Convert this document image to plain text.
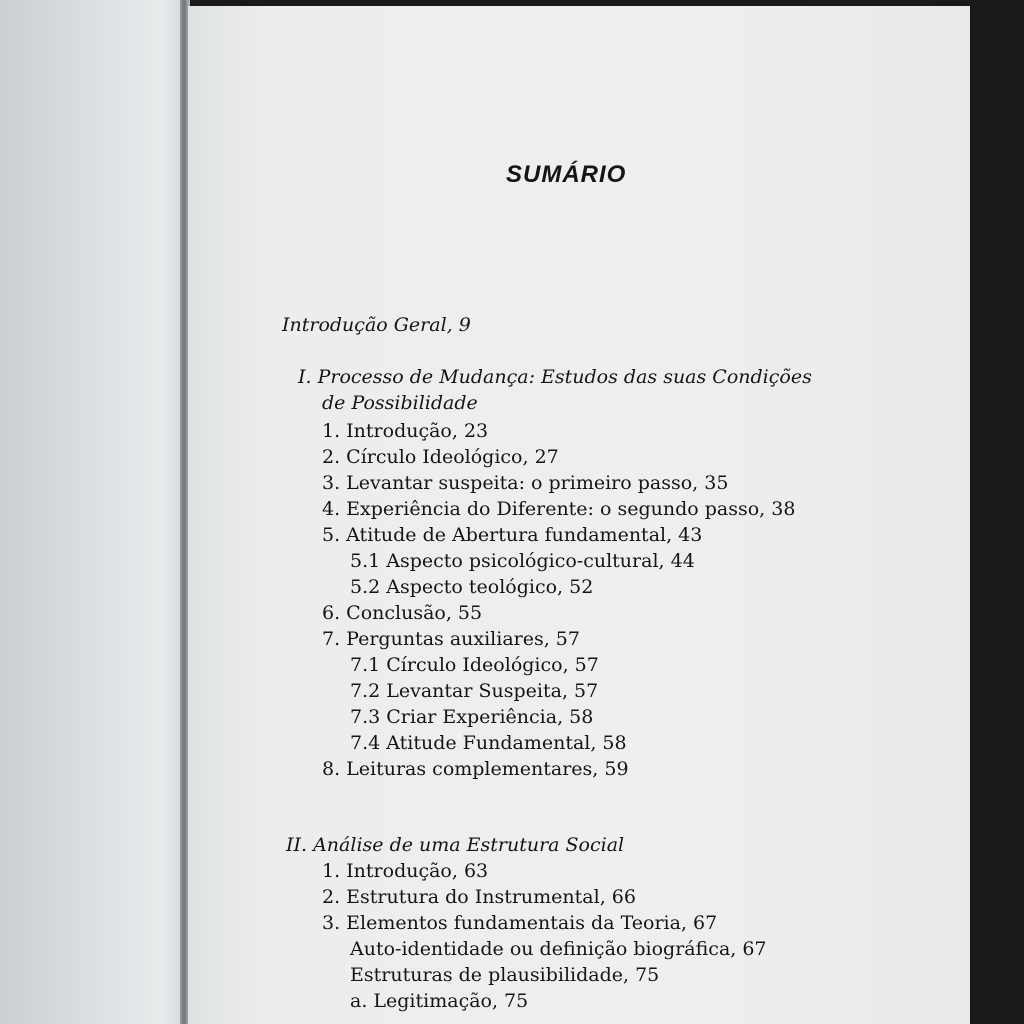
SUMÁRIO
Introdução Geral, 9
I. Processo de Mudança: Estudos das suas Condições
de Possibilidade
1. Introdução, 23
2. Círculo Ideológico, 27
3. Levantar suspeita: o primeiro passo, 35
4. Experiência do Diferente: o segundo passo, 38
5. Atitude de Abertura fundamental, 43
5.1 Aspecto psicológico-cultural, 44
5.2 Aspecto teológico, 52
6. Conclusão, 55
7. Perguntas auxiliares, 57
7.1 Círculo Ideológico, 57
7.2 Levantar Suspeita, 57
7.3 Criar Experiência, 58
7.4 Atitude Fundamental, 58
8. Leituras complementares, 59
II. Análise de uma Estrutura Social
1. Introdução, 63
2. Estrutura do Instrumental, 66
3. Elementos fundamentais da Teoria, 67
Auto-identidade ou definição biográfica, 67
Estruturas de plausibilidade, 75
a. Legitimação, 75
